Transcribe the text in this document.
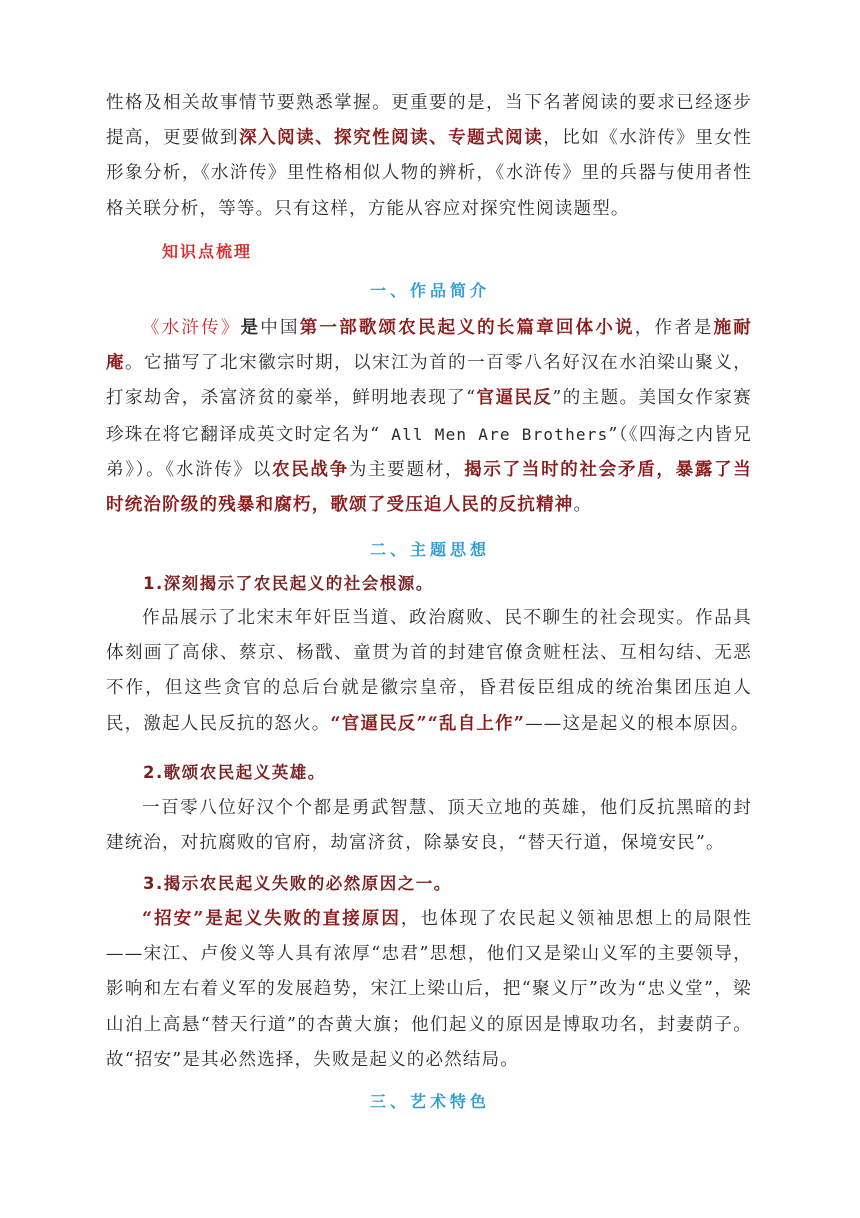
性格及相关故事情节要熟悉掌握。更重要的是，当下名著阅读的要求已经逐步提高，更要做到深入阅读、探究性阅读、专题式阅读，比如《水浒传》里女性形象分析，《水浒传》里性格相似人物的辨析，《水浒传》里的兵器与使用者性格关联分析，等等。只有这样，方能从容应对探究性阅读题型。
知识点梳理
一、作品简介
《水浒传》是中国第一部歌颂农民起义的长篇章回体小说，作者是施耐庵。它描写了北宋徽宗时期，以宋江为首的一百零八名好汉在水泊梁山聚义，打家劫舍，杀富济贫的豪举，鲜明地表现了“官逼民反”的主题。美国女作家赛珍珠在将它翻译成英文时定名为“ All Men Are Brothers”（《四海之内皆兄弟》）。《水浒传》以农民战争为主要题材，揭示了当时的社会矛盾，暴露了当时统治阶级的残暴和腐朽，歌颂了受压迫人民的反抗精神。
二、主题思想
1.深刻揭示了农民起义的社会根源。
作品展示了北宋末年奸臣当道、政治腐败、民不聊生的社会现实。作品具体刻画了高俅、蔡京、杨戬、童贯为首的封建官僚贪赃枉法、互相勾结、无恶不作，但这些贪官的总后台就是徽宗皇帝，昏君佞臣组成的统治集团压迫人民，激起人民反抗的怒火。“官逼民反”“乱自上作”——这是起义的根本原因。
2.歌颂农民起义英雄。
一百零八位好汉个个都是勇武智慧、顶天立地的英雄，他们反抗黑暗的封建统治，对抗腐败的官府，劫富济贫，除暴安良，“替天行道，保境安民”。
3.揭示农民起义失败的必然原因之一。
“招安”是起义失败的直接原因，也体现了农民起义领袖思想上的局限性——宋江、卢俊义等人具有浓厚“忠君”思想，他们又是梁山义军的主要领导，影响和左右着义军的发展趋势，宋江上梁山后，把“聚义厅”改为“忠义堂”，梁山泊上高悬“替天行道”的杏黄大旗；他们起义的原因是博取功名，封妻荫子。故“招安”是其必然选择，失败是起义的必然结局。
三、艺术特色
